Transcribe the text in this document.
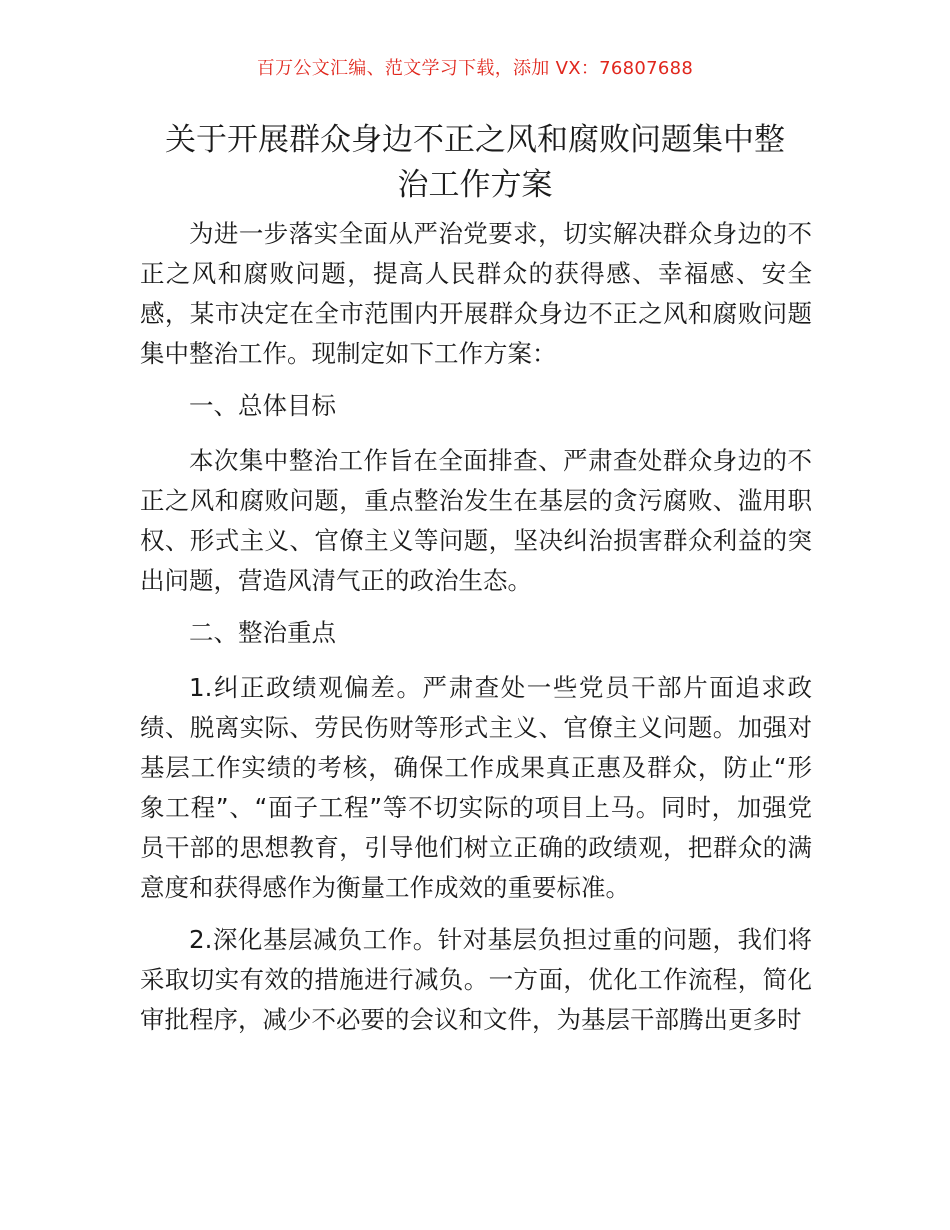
百万公文汇编、范文学习下载，添加 VX：76807688
关于开展群众身边不正之风和腐败问题集中整
治工作方案

为进一步落实全面从严治党要求，切实解决群众身边的不正之风和腐败问题，提高人民群众的获得感、幸福感、安全感，某市决定在全市范围内开展群众身边不正之风和腐败问题集中整治工作。现制定如下工作方案：

一、总体目标

本次集中整治工作旨在全面排查、严肃查处群众身边的不正之风和腐败问题，重点整治发生在基层的贪污腐败、滥用职权、形式主义、官僚主义等问题，坚决纠治损害群众利益的突出问题，营造风清气正的政治生态。

二、整治重点

1.纠正政绩观偏差。严肃查处一些党员干部片面追求政绩、脱离实际、劳民伤财等形式主义、官僚主义问题。加强对基层工作实绩的考核，确保工作成果真正惠及群众，防止“形象工程”、“面子工程”等不切实际的项目上马。同时，加强党员干部的思想教育，引导他们树立正确的政绩观，把群众的满意度和获得感作为衡量工作成效的重要标准。

2.深化基层减负工作。针对基层负担过重的问题，我们将采取切实有效的措施进行减负。一方面，优化工作流程，简化审批程序，减少不必要的会议和文件，为基层干部腾出更多时
